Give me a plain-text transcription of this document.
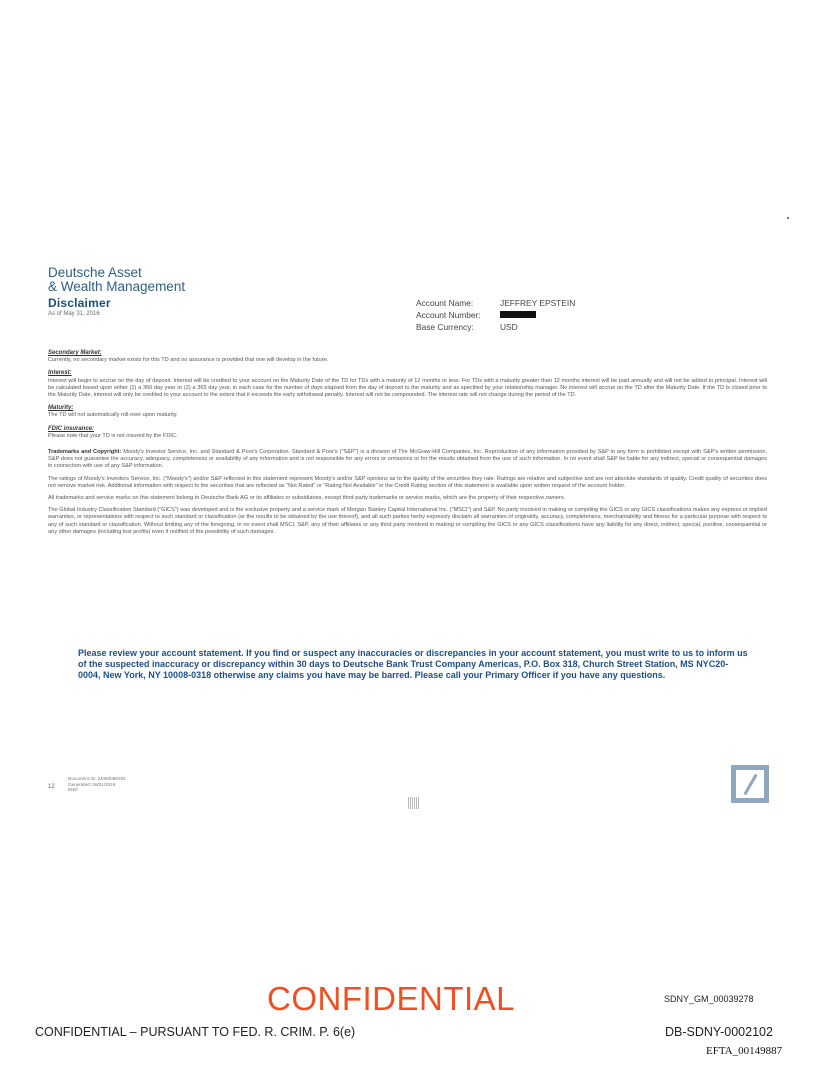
Deutsche Asset
& Wealth Management
Disclaimer
As of May 31, 2016
Account Name:	JEFFREY EPSTEIN
Account Number:
Base Currency:	USD
Secondary Market:
Currently, no secondary market exists for this TD and no assurance is provided that one will develop in the future.
Interest:
Interest will begin to accrue on the day of deposit. Interest will be credited to your account on the Maturity Date of the TD for TDs with a maturity of 12 months or less. For TDs with a maturity greater than 12 months interest will be paid annually and will not be added to principal. Interest will be calculated based upon either (1) a 360 day year or (2) a 365 day year, in each case for the number of days elapsed from the day of deposit to the maturity and as specified by your relationship manager. No interest will accrue on the TD after the Maturity Date. If the TD is closed prior to the Maturity Date, interest will only be credited to your account to the extent that it exceeds the early withdrawal penalty. Interest will not be compounded. The interest rate will not change during the period of the TD.
Maturity:
The TD will not automatically roll-over upon maturity.
FDIC insurance:
Please note that your TD is not insured by the FDIC.
Trademarks and Copyright: Moody's Investor Service, Inc. and Standard & Poor's Corporation. Standard & Poor's ("S&P") is a division of The McGraw-Hill Companies, Inc. Reproduction of any information provided by S&P in any form is prohibited except with S&P's written permission. S&P does not guarantee the accuracy, adequacy, completeness or availability of any information and is not responsible for any errors or omissions or for the results obtained from the use of such information. In no event shall S&P be liable for any indirect, special or consequential damages in connection with use of any S&P information.
The ratings of Moody's Investors Service, Inc. ("Moody's") and/or S&P reflected in this statement represent Moody's and/or S&P opinions as to the quality of the securities they rate. Ratings are relative and subjective and are not absolute standards of quality. Credit quality of securities does not remove market risk. Additional information with respect to the securities that are reflected as "Not Rated" or "Rating Not Available" in the Credit Rating section of this statement is available upon written request of the account holder.
All trademarks and service marks on this statement belong to Deutsche Bank AG or its affiliates or subsidiaries, except third-party trademarks or service marks, which are the property of their respective owners.
The Global Industry Classification Standard ("GICS") was developed and is the exclusive property and a service mark of Morgan Stanley Capital International Inc. ("MSCI") and S&P. No party involved in making or compiling the GICS or any GICS classifications makes any express or implied warranties, or representations with respect to such standard or classification (or the results to be obtained by the use thereof), and all such parties herby expressly disclaim all warranties of originality, accuracy, completeness, merchantability and fitness for a particular purpose with respect to any of such standard or classification. Without limiting any of the foregoing, in no event shall MSCI, S&P, any of their affiliates or any third party involved in making or compiling the GICS or any GICS classifications have any liability for any direct, indirect, special, punitive, consequential or any other damages (including lost profits) even if notified of the possibility of such damages.
Please review your account statement. If you find or suspect any inaccuracies or discrepancies in your account statement, you must write to us to inform us of the suspected inaccuracy or discrepancy within 30 days to Deutsche Bank Trust Company Americas, P.O. Box 318, Church Street Station, MS NYC20-0004, New York, NY 10008-0318 otherwise any claims you have may be barred. Please call your Primary Officer if you have any questions.
12
Document ID: 24050089182
Generated: 06/01/2016
END
CONFIDENTIAL	SDNY_GM_00039278
CONFIDENTIAL – PURSUANT TO FED. R. CRIM. P. 6(e)	DB-SDNY-0002102
EFTA_00149887
